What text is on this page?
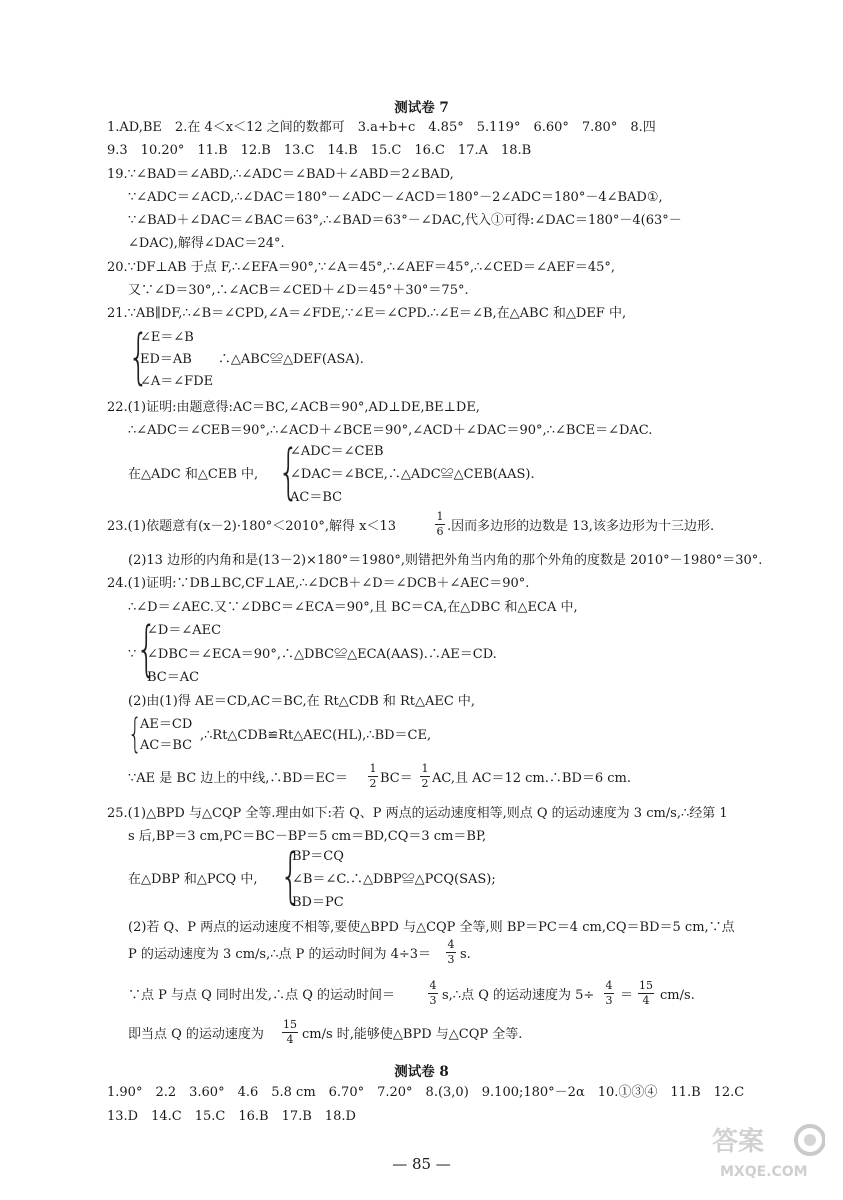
测试卷 7
1.AD,BE　2.在 4＜x＜12 之间的数都可　3.a+b+c　4.85°　5.119°　6.60°　7.80°　8.四
9.3　10.20°　11.B　12.B　13.C　14.B　15.C　16.C　17.A　18.B
19.∵∠BAD＝∠ABD,∴∠ADC＝∠BAD＋∠ABD＝2∠BAD,
∵∠ADC＝∠ACD,∴∠DAC＝180°－∠ADC－∠ACD＝180°－2∠ADC＝180°－4∠BAD①,
∵∠BAD＋∠DAC＝∠BAC＝63°,∴∠BAD＝63°－∠DAC,代入①可得:∠DAC＝180°－4(63°－
∠DAC),解得∠DAC＝24°.
20.∵DF⊥AB 于点 F,∴∠EFA＝90°,∵∠A＝45°,∴∠AEF＝45°,∴∠CED＝∠AEF＝45°,
又∵∠D＝30°,∴∠ACB＝∠CED＋∠D＝45°＋30°＝75°.
21.∵AB∥DF,∴∠B＝∠CPD,∠A＝∠FDE,∵∠E＝∠CPD.∴∠E＝∠B,在△ABC 和△DEF 中,
{
∠E＝∠B
ED＝AB　　∴△ABC≌△DEF(ASA).
∠A＝∠FDE
22.(1)证明:由题意得:AC＝BC,∠ACB＝90°,AD⊥DE,BE⊥DE,
∴∠ADC＝∠CEB＝90°,∴∠ACD＋∠BCE＝90°,∠ACD＋∠DAC＝90°,∴∠BCE＝∠DAC.
{
∠ADC＝∠CEB
在△ADC 和△CEB 中, ∠DAC＝∠BCE,∴△ADC≌△CEB(AAS).
AC＝BC
23.(1)依题意有(x－2)·180°＜2010°,解得 x＜13
1
6 .因而多边形的边数是 13,该多边形为十三边形.
(2)13 边形的内角和是(13－2)×180°＝1980°,则错把外角当内角的那个外角的度数是 2010°－1980°＝30°.
24.(1)证明:∵DB⊥BC,CF⊥AE,∴∠DCB＋∠D＝∠DCB＋∠AEC＝90°.
∴∠D＝∠AEC.又∵∠DBC＝∠ECA＝90°,且 BC＝CA,在△DBC 和△ECA 中,
{
∵
∠D＝∠AEC
∠DBC＝∠ECA＝90°,∴△DBC≌△ECA(AAS).∴AE＝CD.
BC＝AC
(2)由(1)得 AE＝CD,AC＝BC,在 Rt△CDB 和 Rt△AEC 中,
{
AE＝CD
AC＝BC
,∴Rt△CDB≌Rt△AEC(HL),∴BD＝CE,
∵AE 是 BC 边上的中线,∴BD＝EC＝
1
2 BC＝
1
2 AC,且 AC＝12 cm.∴BD＝6 cm.
25.(1)△BPD 与△CQP 全等.理由如下:若 Q、P 两点的运动速度相等,则点 Q 的运动速度为 3 cm/s,∴经第 1
s 后,BP＝3 cm,PC＝BC－BP＝5 cm＝BD,CQ＝3 cm＝BP,
{
BP＝CQ
在△DBP 和△PCQ 中,	∠B＝∠C.∴△DBP≌△PCQ(SAS);
BD＝PC
(2)若 Q、P 两点的运动速度不相等,要使△BPD 与△CQP 全等,则 BP＝PC＝4 cm,CQ＝BD＝5 cm,∵点
P 的运动速度为 3 cm/s,∴点 P 的运动时间为 4÷3＝
4
3 s.
∵点 P 与点 Q 同时出发,∴点 Q 的运动时间＝
4
3 s,∴点 Q 的运动速度为 5÷
4
3 ＝
15
4 cm/s.
即当点 Q 的运动速度为
15
4 cm/s 时,能够使△BPD 与△CQP 全等.
测试卷 8
1.90°　2.2　3.60°　4.6　5.8 cm　6.70°　7.20°　8.(3,0)　9.100;180°－2α　10.①③④　11.B　12.C
13.D　14.C　15.C　16.B　17.B　18.D
— 85 —
答案
MXQE.COM
